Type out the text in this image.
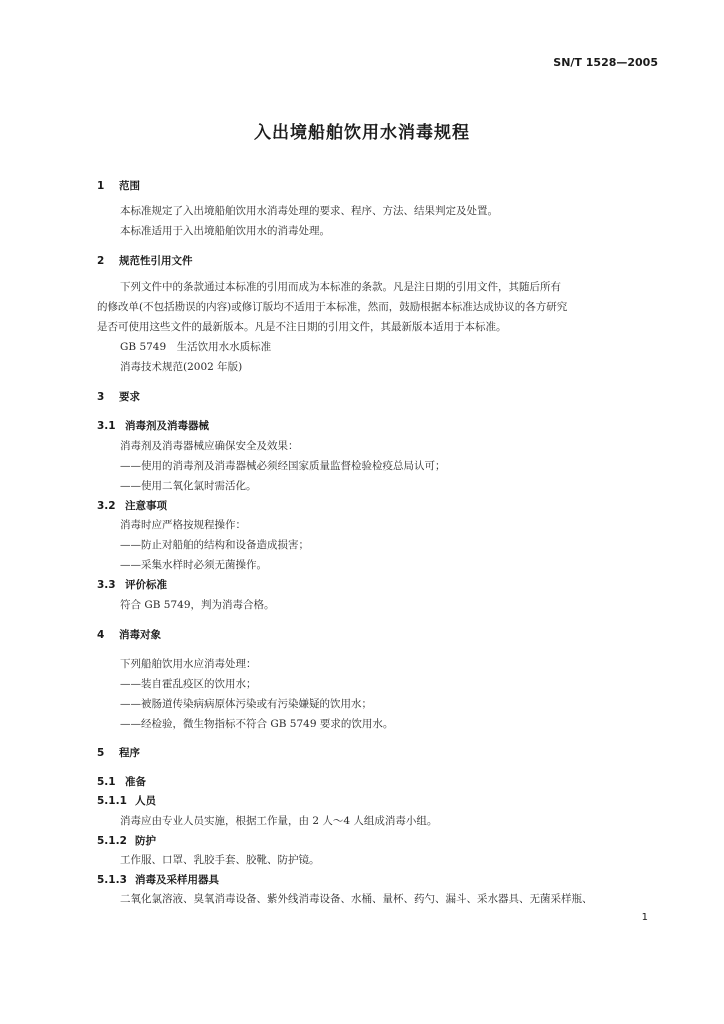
SN/T 1528—2005
入出境船舶饮用水消毒规程
1 范围
本标准规定了入出境船舶饮用水消毒处理的要求、程序、方法、结果判定及处置。
本标准适用于入出境船舶饮用水的消毒处理。
2 规范性引用文件
下列文件中的条款通过本标准的引用而成为本标准的条款。凡是注日期的引用文件，其随后所有
的修改单(不包括勘误的内容)或修订版均不适用于本标准，然而，鼓励根据本标准达成协议的各方研究
是否可使用这些文件的最新版本。凡是不注日期的引用文件，其最新版本适用于本标准。
GB 5749　生活饮用水水质标准
消毒技术规范(2002 年版)
3 要求
3.1 消毒剂及消毒器械
消毒剂及消毒器械应确保安全及效果：
——使用的消毒剂及消毒器械必须经国家质量监督检验检疫总局认可；
——使用二氧化氯时需活化。
3.2 注意事项
消毒时应严格按规程操作：
——防止对船舶的结构和设备造成损害；
——采集水样时必须无菌操作。
3.3 评价标准
符合 GB 5749，判为消毒合格。
4 消毒对象
下列船舶饮用水应消毒处理：
——装自霍乱疫区的饮用水；
——被肠道传染病病原体污染或有污染嫌疑的饮用水；
——经检验，微生物指标不符合 GB 5749 要求的饮用水。
5 程序
5.1 准备
5.1.1 人员
消毒应由专业人员实施，根据工作量，由 2 人～4 人组成消毒小组。
5.1.2 防护
工作服、口罩、乳胶手套、胶靴、防护镜。
5.1.3 消毒及采样用器具
二氧化氯溶液、臭氧消毒设备、紫外线消毒设备、水桶、量杯、药勺、漏斗、采水器具、无菌采样瓶、
1
